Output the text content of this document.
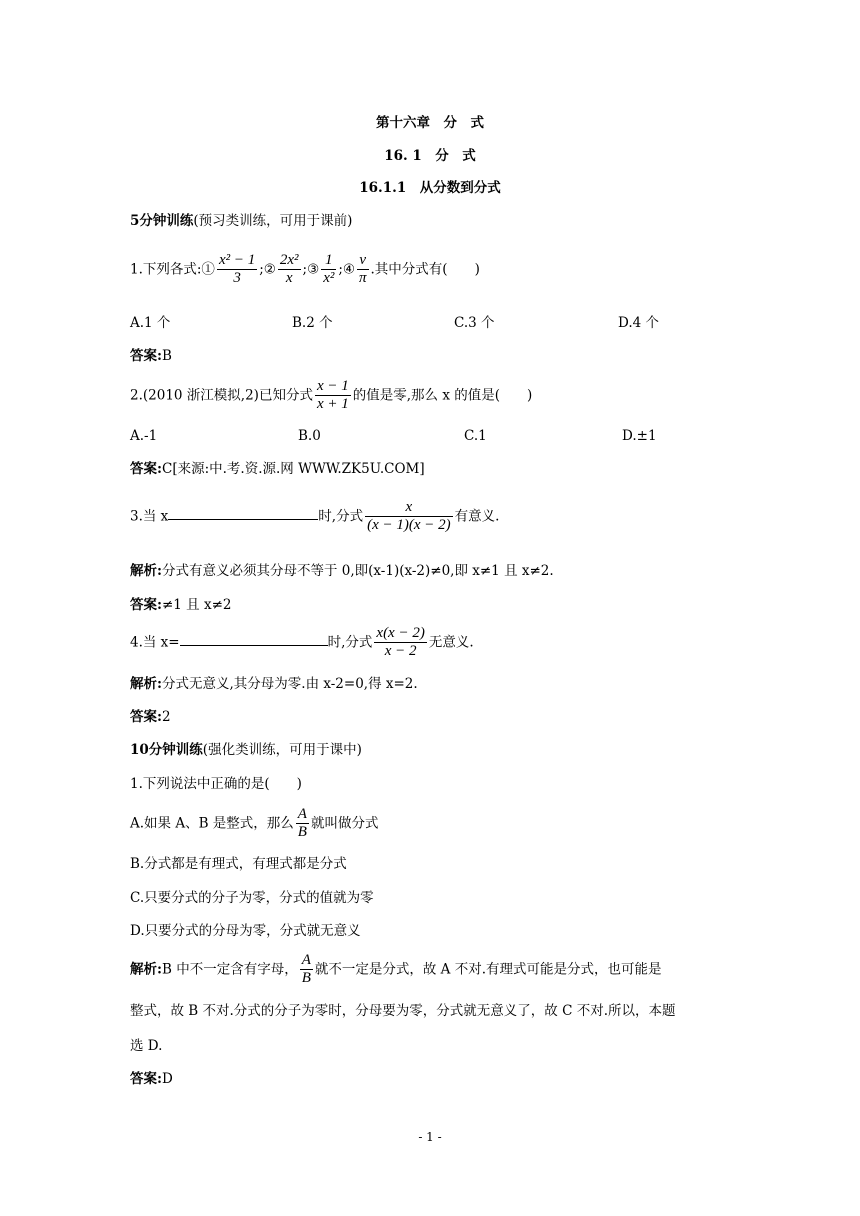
第十六章　分　式
16. 1　分　式
16.1.1　从分数到分式
5分钟训练(预习类训练，可用于课前)
1.下列各式:① $\frac{\text{x² − 1}}{3}$ ;② $\frac{\text{2x²}}{x}$ ;③ $\frac{1}{\text{x²}}$ ;④ $\frac{v}{\pi}$ .其中分式有(　　)
A.1 个	B.2 个	C.3 个	D.4 个
答案:B
2.(2010 浙江模拟,2)已知分式 $\frac{x - 1}{x + 1}$ 的值是零,那么 x 的值是(　　)
A.-1	B.0	C.1	D.±1
答案:C[来源:中.考.资.源.网 WWW.ZK5U.COM]
3.当 x	时,分式 $\frac{x}{(x - 1)(x - 2)}$ 有意义.
解析:分式有意义必须其分母不等于 0,即(x-1)(x-2)≠0,即 x≠1 且 x≠2.
答案:≠1 且 x≠2
4.当 x=	时,分式 $\frac{x(x - 2)}{x - 2}$ 无意义.
解析:分式无意义,其分母为零.由 x-2=0,得 x=2.
答案:2
10分钟训练(强化类训练，可用于课中)
1.下列说法中正确的是(　　)
A.如果 A、B 是整式，那么 $\frac{A}{B}$ 就叫做分式
B.分式都是有理式，有理式都是分式
C.只要分式的分子为零，分式的值就为零
D.只要分式的分母为零，分式就无意义
解析:B 中不一定含有字母， $\frac{A}{B}$ 就不一定是分式，故 A 不对.有理式可能是分式，也可能是
整式，故 B 不对.分式的分子为零时，分母要为零，分式就无意义了，故 C 不对.所以，本题
选 D.
答案:D
- 1 -
